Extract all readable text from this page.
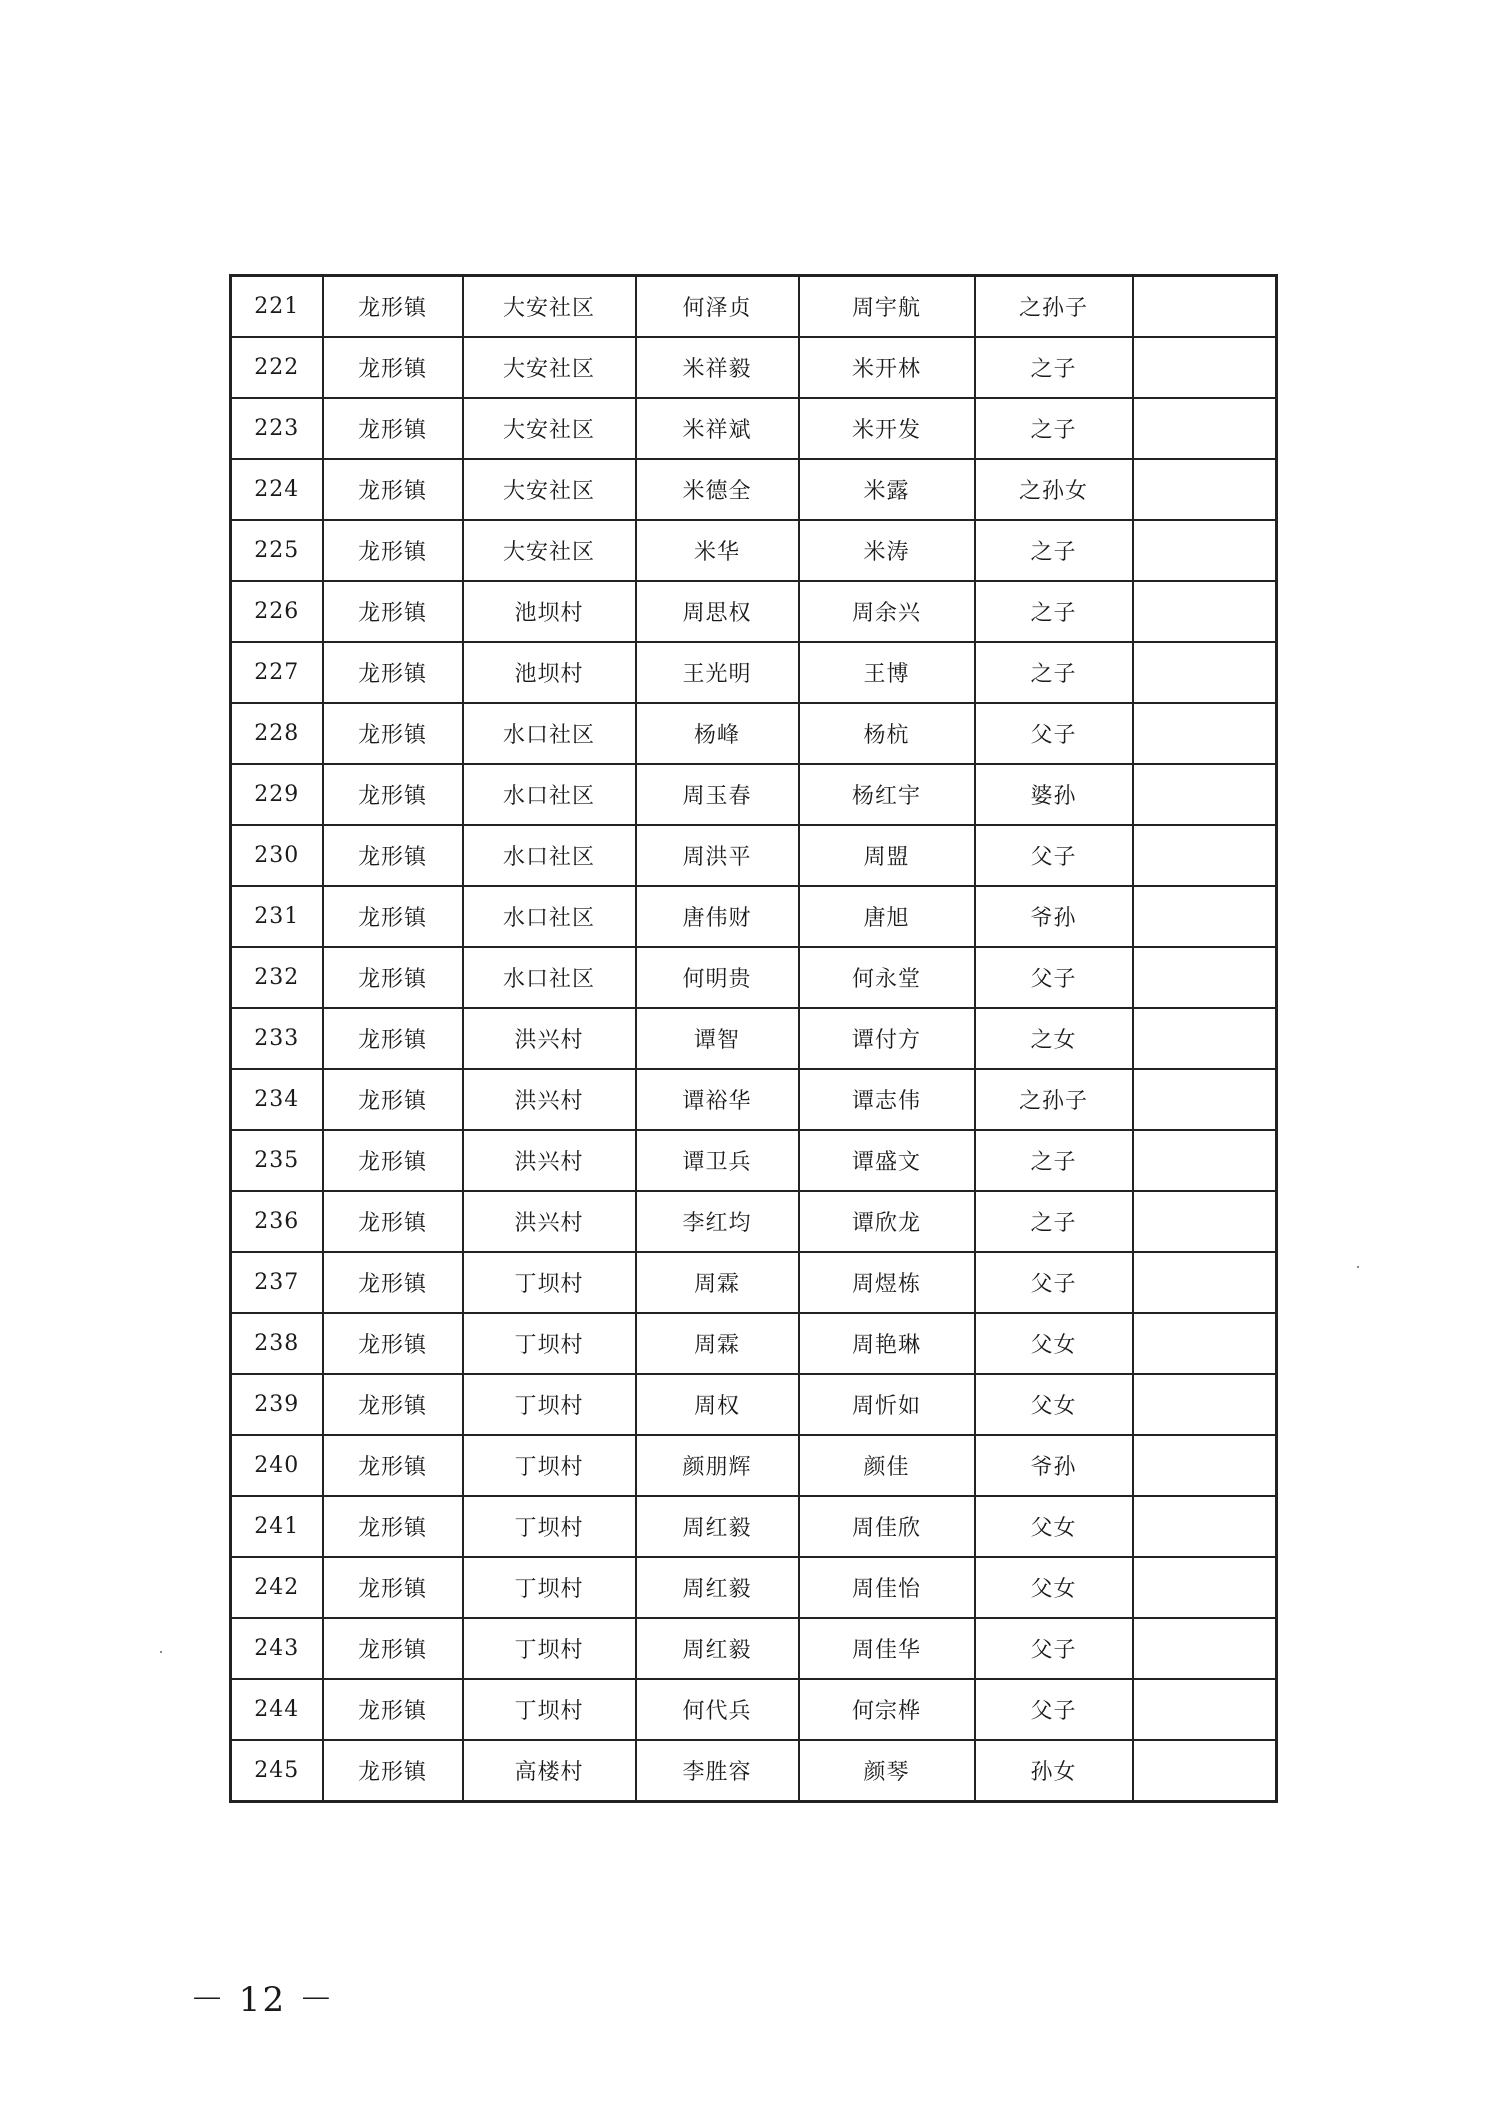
221	龙形镇	大安社区	何泽贞	周宇航	之孙子	
222	龙形镇	大安社区	米祥毅	米开林	之子	
223	龙形镇	大安社区	米祥斌	米开发	之子	
224	龙形镇	大安社区	米德全	米露	之孙女	
225	龙形镇	大安社区	米华	米涛	之子	
226	龙形镇	池坝村	周思权	周余兴	之子	
227	龙形镇	池坝村	王光明	王博	之子	
228	龙形镇	水口社区	杨峰	杨杭	父子	
229	龙形镇	水口社区	周玉春	杨红宇	婆孙	
230	龙形镇	水口社区	周洪平	周盟	父子	
231	龙形镇	水口社区	唐伟财	唐旭	爷孙	
232	龙形镇	水口社区	何明贵	何永堂	父子	
233	龙形镇	洪兴村	谭智	谭付方	之女	
234	龙形镇	洪兴村	谭裕华	谭志伟	之孙子	
235	龙形镇	洪兴村	谭卫兵	谭盛文	之子	
236	龙形镇	洪兴村	李红均	谭欣龙	之子	
237	龙形镇	丁坝村	周霖	周煜栋	父子	
238	龙形镇	丁坝村	周霖	周艳琳	父女	
239	龙形镇	丁坝村	周权	周忻如	父女	
240	龙形镇	丁坝村	颜朋辉	颜佳	爷孙	
241	龙形镇	丁坝村	周红毅	周佳欣	父女	
242	龙形镇	丁坝村	周红毅	周佳怡	父女	
243	龙形镇	丁坝村	周红毅	周佳华	父子	
244	龙形镇	丁坝村	何代兵	何宗桦	父子	
245	龙形镇	高楼村	李胜容	颜琴	孙女	
－ 12 －
